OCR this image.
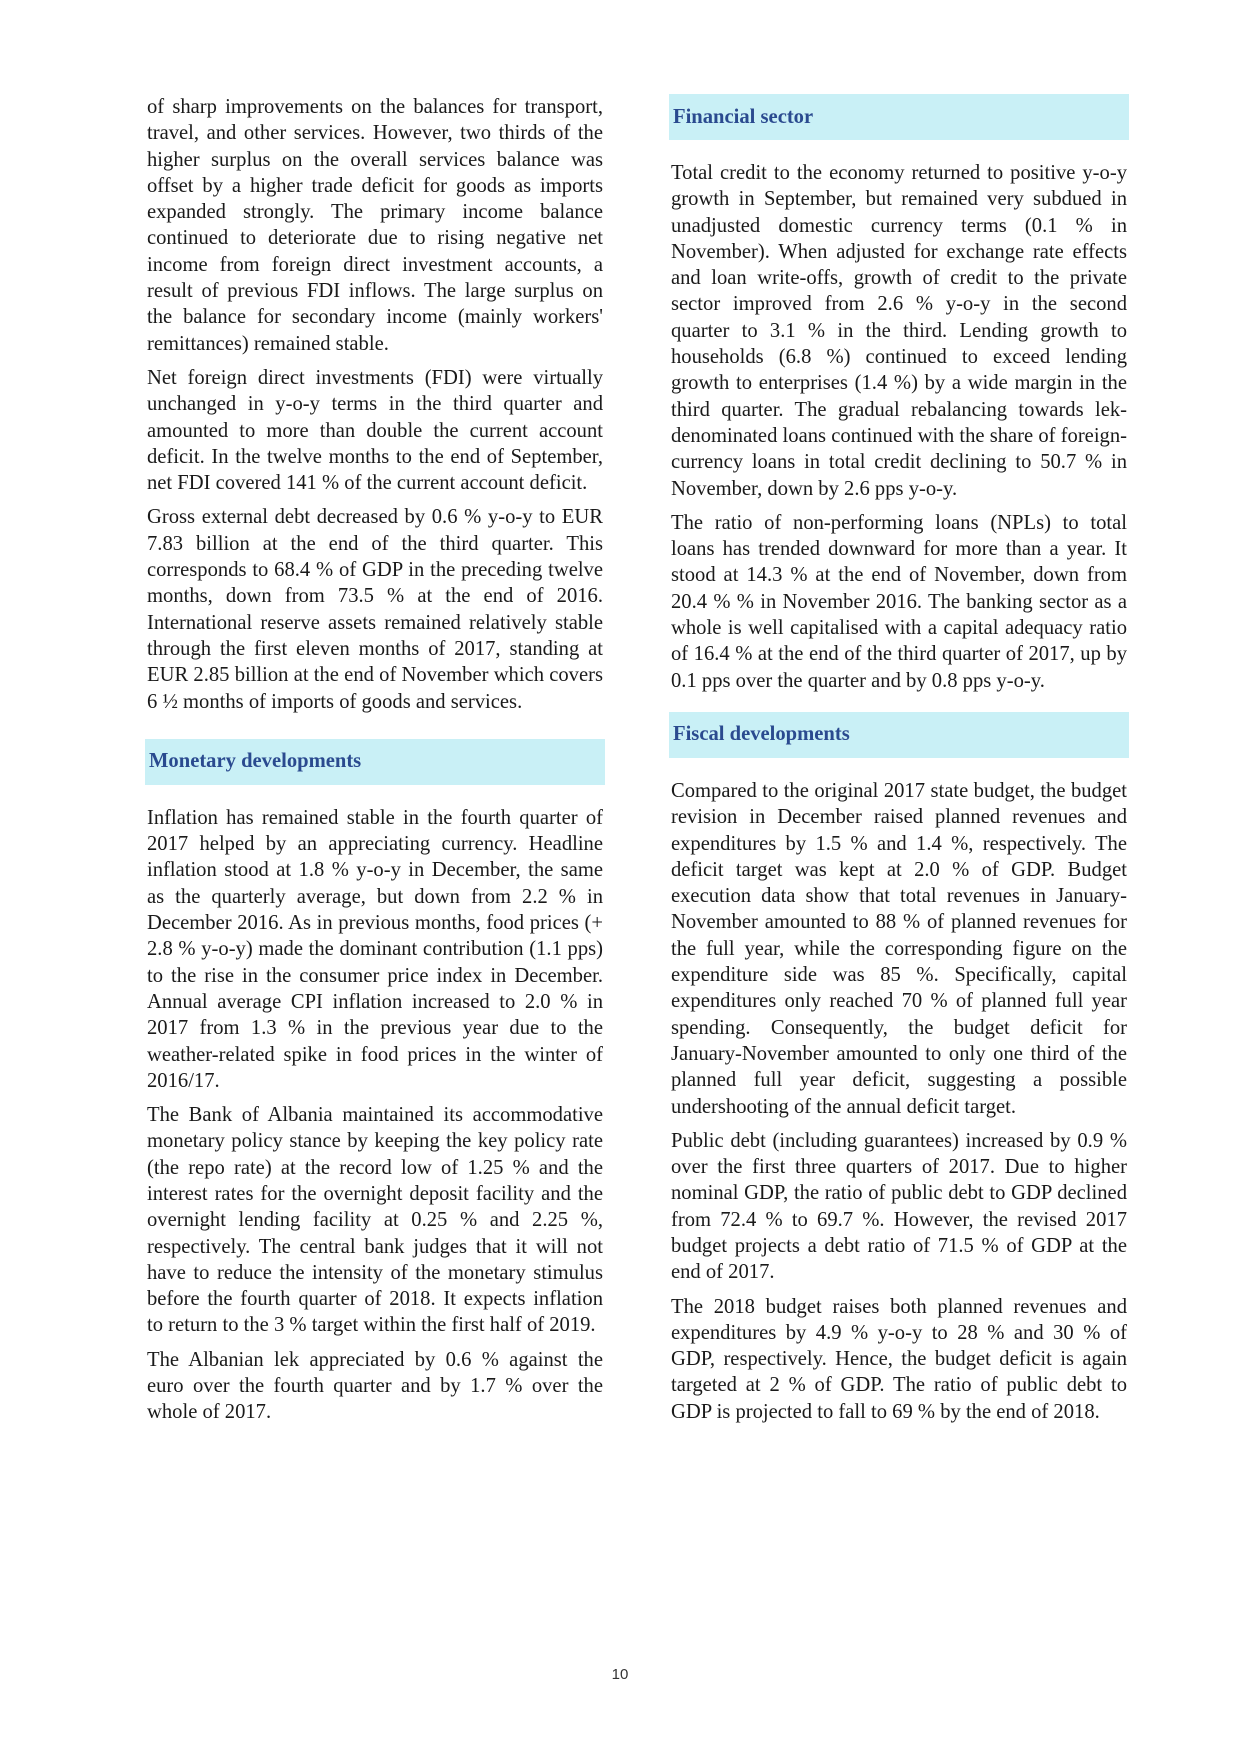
of sharp improvements on the balances for transport, travel, and other services. However, two thirds of the higher surplus on the overall services balance was offset by a higher trade deficit for goods as imports expanded strongly. The primary income balance continued to deteriorate due to rising negative net income from foreign direct investment accounts, a result of previous FDI inflows. The large surplus on the balance for secondary income (mainly workers' remittances) remained stable.

Net foreign direct investments (FDI) were virtually unchanged in y-o-y terms in the third quarter and amounted to more than double the current account deficit. In the twelve months to the end of September, net FDI covered 141 % of the current account deficit.

Gross external debt decreased by 0.6 % y-o-y to EUR 7.83 billion at the end of the third quarter. This corresponds to 68.4 % of GDP in the preceding twelve months, down from 73.5 % at the end of 2016. International reserve assets remained relatively stable through the first eleven months of 2017, standing at EUR 2.85 billion at the end of November which covers 6 ½ months of imports of goods and services.

Monetary developments

Inflation has remained stable in the fourth quarter of 2017 helped by an appreciating currency. Headline inflation stood at 1.8 % y-o-y in December, the same as the quarterly average, but down from 2.2 % in December 2016. As in previous months, food prices (+ 2.8 % y-o-y) made the dominant contribution (1.1 pps) to the rise in the consumer price index in December. Annual average CPI inflation increased to 2.0 % in 2017 from 1.3 % in the previous year due to the weather-related spike in food prices in the winter of 2016/17.

The Bank of Albania maintained its accommodative monetary policy stance by keeping the key policy rate (the repo rate) at the record low of 1.25 % and the interest rates for the overnight deposit facility and the overnight lending facility at 0.25 % and 2.25 %, respectively. The central bank judges that it will not have to reduce the intensity of the monetary stimulus before the fourth quarter of 2018. It expects inflation to return to the 3 % target within the first half of 2019.

The Albanian lek appreciated by 0.6 % against the euro over the fourth quarter and by 1.7 % over the whole of 2017.

Financial sector

Total credit to the economy returned to positive y-o-y growth in September, but remained very subdued in unadjusted domestic currency terms (0.1 % in November). When adjusted for exchange rate effects and loan write-offs, growth of credit to the private sector improved from 2.6 % y-o-y in the second quarter to 3.1 % in the third. Lending growth to households (6.8 %) continued to exceed lending growth to enterprises (1.4 %) by a wide margin in the third quarter. The gradual rebalancing towards lek-denominated loans continued with the share of foreign-currency loans in total credit declining to 50.7 % in November, down by 2.6 pps y-o-y.

The ratio of non-performing loans (NPLs) to total loans has trended downward for more than a year. It stood at 14.3 % at the end of November, down from 20.4 % % in November 2016. The banking sector as a whole is well capitalised with a capital adequacy ratio of 16.4 % at the end of the third quarter of 2017, up by 0.1 pps over the quarter and by 0.8 pps y-o-y.

Fiscal developments

Compared to the original 2017 state budget, the budget revision in December raised planned revenues and expenditures by 1.5 % and 1.4 %, respectively. The deficit target was kept at 2.0 % of GDP. Budget execution data show that total revenues in January-November amounted to 88 % of planned revenues for the full year, while the corresponding figure on the expenditure side was 85 %. Specifically, capital expenditures only reached 70 % of planned full year spending. Consequently, the budget deficit for January-November amounted to only one third of the planned full year deficit, suggesting a possible undershooting of the annual deficit target.

Public debt (including guarantees) increased by 0.9 % over the first three quarters of 2017. Due to higher nominal GDP, the ratio of public debt to GDP declined from 72.4 % to 69.7 %. However, the revised 2017 budget projects a debt ratio of 71.5 % of GDP at the end of 2017.

The 2018 budget raises both planned revenues and expenditures by 4.9 % y-o-y to 28 % and 30 % of GDP, respectively. Hence, the budget deficit is again targeted at 2 % of GDP. The ratio of public debt to GDP is projected to fall to 69 % by the end of 2018.

10
